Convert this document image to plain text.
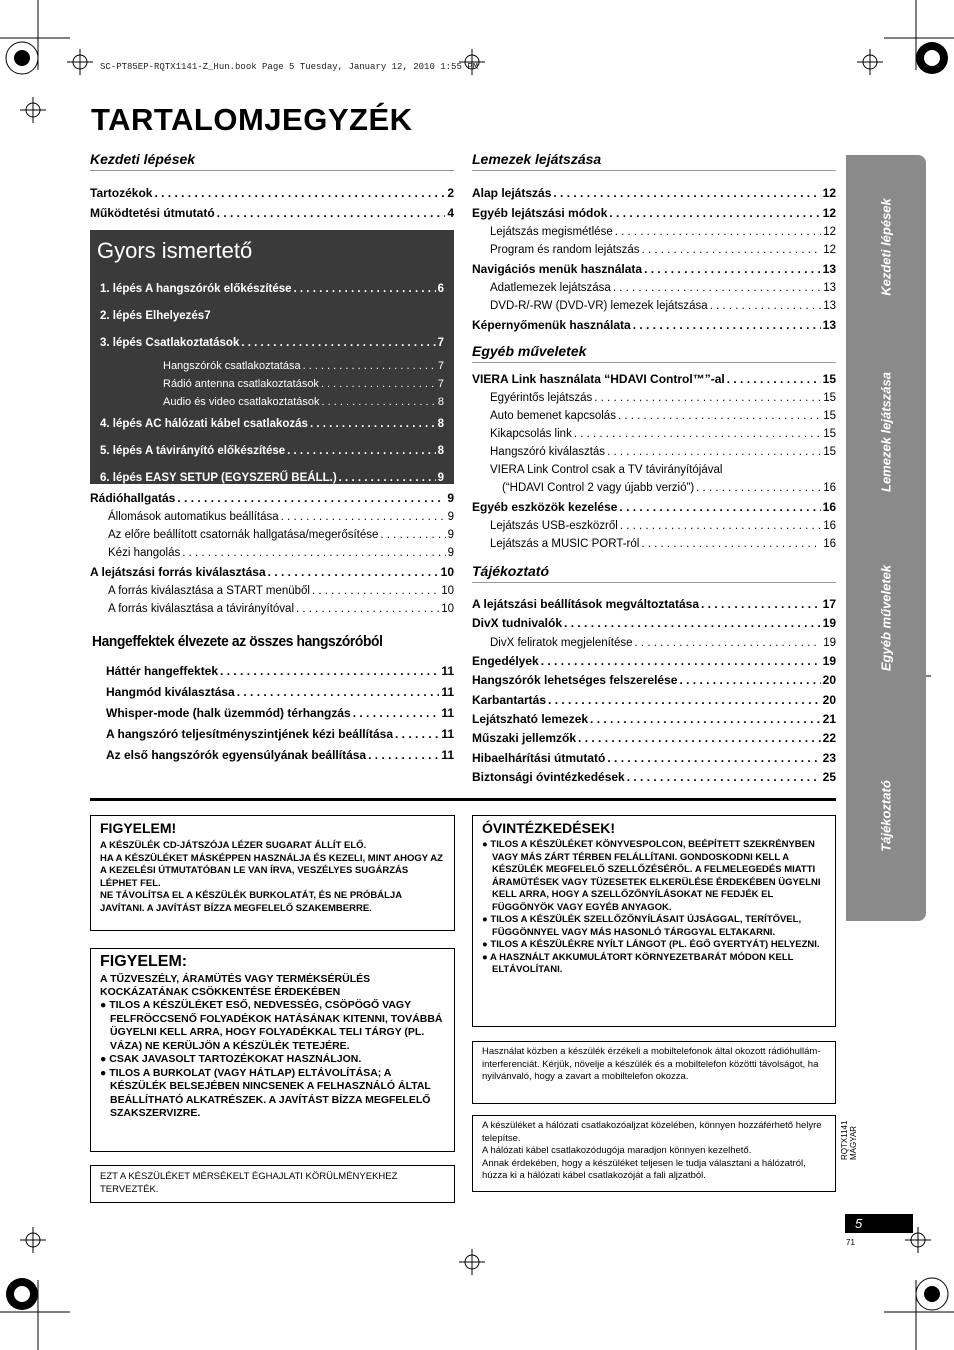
SC-PT85EP-RQTX1141-Z_Hun.book Page 5 Tuesday, January 12, 2010 1:55 PM
TARTALOMJEGYZÉK
Kezdeti lépések
Tartozékok . . .	2
Működtetési útmutató . . .	4
Gyors ismertető
1. lépés A hangszórók előkészítése . . .	6
2. lépés Elhelyezés7
3. lépés Csatlakoztatások . . .	7
Hangszórók csatlakoztatása . . .	7
Rádió antenna csatlakoztatások . . .	7
Audio és video csatlakoztatások . . .	8
4. lépés AC hálózati kábel csatlakozás . . .	8
5. lépés A távirányító előkészítése . . .	8
6. lépés EASY SETUP (EGYSZERŰ BEÁLL.) . . .	9
Rádióhallgatás . . .	9
Állomások automatikus beállítása . . .	9
Az előre beállított csatornák hallgatása/megerősítése . . .	9
Kézi hangolás . . .	9
A lejátszási forrás kiválasztása . . .	10
A forrás kiválasztása a START menüből . . .	10
A forrás kiválasztása a távirányítóval . . .	10
Hangeffektek élvezete az összes hangszóróból
Háttér hangeffektek . . .	11
Hangmód kiválasztása . . .	11
Whisper-mode (halk üzemmód) térhangzás . . .	11
A hangszóró teljesítményszintjének kézi beállítása . . .	11
Az első hangszórók egyensúlyának beállítása . . .	11
Lemezek lejátszása
Alap lejátszás . . .	12
Egyéb lejátszási módok . . .	12
Lejátszás megismétlése . . .	12
Program és random lejátszás . . .	12
Navigációs menük használata . . .	13
Adatlemezek lejátszása . . .	13
DVD-R/-RW (DVD-VR) lemezek lejátszása . . .	13
Képernyőmenük használata . . .	13
Egyéb műveletek
VIERA Link használata “HDAVI Control™”-al . . .	15
Egyérintős lejátszás . . .	15
Auto bemenet kapcsolás . . .	15
Kikapcsolás link . . .	15
Hangszóró kiválasztás . . .	15
VIERA Link Control csak a TV távirányítójával
(“HDAVI Control 2 vagy újabb verzió”) . . .	16
Egyéb eszközök kezelése . . .	16
Lejátszás USB-eszközről . . .	16
Lejátszás a MUSIC PORT-ról . . .	16
Tájékoztató
A lejátszási beállítások megváltoztatása . . .	17
DivX tudnivalók . . .	19
DivX feliratok megjelenítése . . .	19
Engedélyek . . .	19
Hangszórók lehetséges felszerelése . . .	20
Karbantartás . . .	20
Lejátszható lemezek . . .	21
Műszaki jellemzők . . .	22
Hibaelhárítási útmutató . . .	23
Biztonsági óvintézkedések . . .	25
Kezdeti lépések
Lemezek lejátszása
Egyéb műveletek
Tájékoztató
FIGYELEM!

A KÉSZÜLÉK CD-JÁTSZÓJA LÉZER SUGARAT ÁLLÍT ELŐ.

HA A KÉSZÜLÉKET MÁSKÉPPEN HASZNÁLJA ÉS KEZELI, MINT AHOGY AZ A KEZELÉSI ÚTMUTATÓBAN LE VAN ÍRVA, VESZÉLYES SUGÁRZÁS LÉPHET FEL.

NE TÁVOLÍTSA EL A KÉSZÜLÉK BURKOLATÁT, ÉS NE PRÓBÁLJA JAVÍTANI. A JAVÍTÁST BÍZZA MEGFELELŐ SZAKEMBERRE.

FIGYELEM:
A TŰZVESZÉLY, ÁRAMÜTÉS VAGY TERMÉKSÉRÜLÉS KOCKÁZATÁNAK CSÖKKENTÉSE ÉRDEKÉBEN
● TILOS A KÉSZÜLÉKET ESŐ, NEDVESSÉG, CSÖPÖGŐ VAGY FELFRÖCCSENŐ FOLYADÉKOK HATÁSÁNAK KITENNI, TOVÁBBÁ ÜGYELNI KELL ARRA, HOGY FOLYADÉKKAL TELI TÁRGY (PL. VÁZA) NE KERÜLJÖN A KÉSZÜLÉK TETEJÉRE.
● CSAK JAVASOLT TARTOZÉKOKAT HASZNÁLJON.
● TILOS A BURKOLAT (VAGY HÁTLAP) ELTÁVOLÍTÁSA; A KÉSZÜLÉK BELSEJÉBEN NINCSENEK A FELHASZNÁLÓ ÁLTAL BEÁLLÍTHATÓ ALKATRÉSZEK. A JAVÍTÁST BÍZZA MEGFELELŐ SZAKSZERVIZRE.
EZT A KÉSZÜLÉKET MÉRSÉKELT ÉGHAJLATI KÖRÜLMÉNYEKHEZ TERVEZTÉK.
ÓVINTÉZKEDÉSEK!
● TILOS A KÉSZÜLÉKET KÖNYVESPOLCON, BEÉPÍTETT SZEKRÉNYBEN VAGY MÁS ZÁRT TÉRBEN FELÁLLÍTANI. GONDOSKODNI KELL A KÉSZÜLÉK MEGFELELŐ SZELLŐZÉSÉRŐL. A FELMELEGEDÉS MIATTI ÁRAMÜTÉSEK VAGY TÜZESETEK ELKERÜLÉSE ÉRDEKÉBEN ÜGYELNI KELL ARRA, HOGY A SZELLŐZŐNYÍLÁSOKAT NE FEDJÉK EL FÜGGÖNYÖK VAGY EGYÉB ANYAGOK.
● TILOS A KÉSZÜLÉK SZELLŐZŐNYÍLÁSAIT ÚJSÁGGAL, TERÍTŐVEL, FÜGGÖNNYEL VAGY MÁS HASONLÓ TÁRGGYAL ELTAKARNI.
● TILOS A KÉSZÜLÉKRE NYÍLT LÁNGOT (PL. ÉGŐ GYERTYÁT) HELYEZNI.
● A HASZNÁLT AKKUMULÁTORT KÖRNYEZETBARÁT MÓDON KELL ELTÁVOLÍTANI.
Használat közben a készülék érzékeli a mobiltelefonok által okozott rádióhullám-interferenciát. Kérjük, növelje a készülék és a mobiltelefon közötti távolságot, ha nyilvánvaló, hogy a zavart a mobiltelefon okozza.
A készüléket a hálózati csatlakozóaljzat közelében, könnyen hozzáférhető helyre telepítse.
A hálózati kábel csatlakozódugója maradjon könnyen kezelhető.
Annak érdekében, hogy a készüléket teljesen le tudja választani a hálózatról, húzza ki a hálózati kábel csatlakozóját a fali aljzatból.
RQTX1141
MAGYAR
5
71
